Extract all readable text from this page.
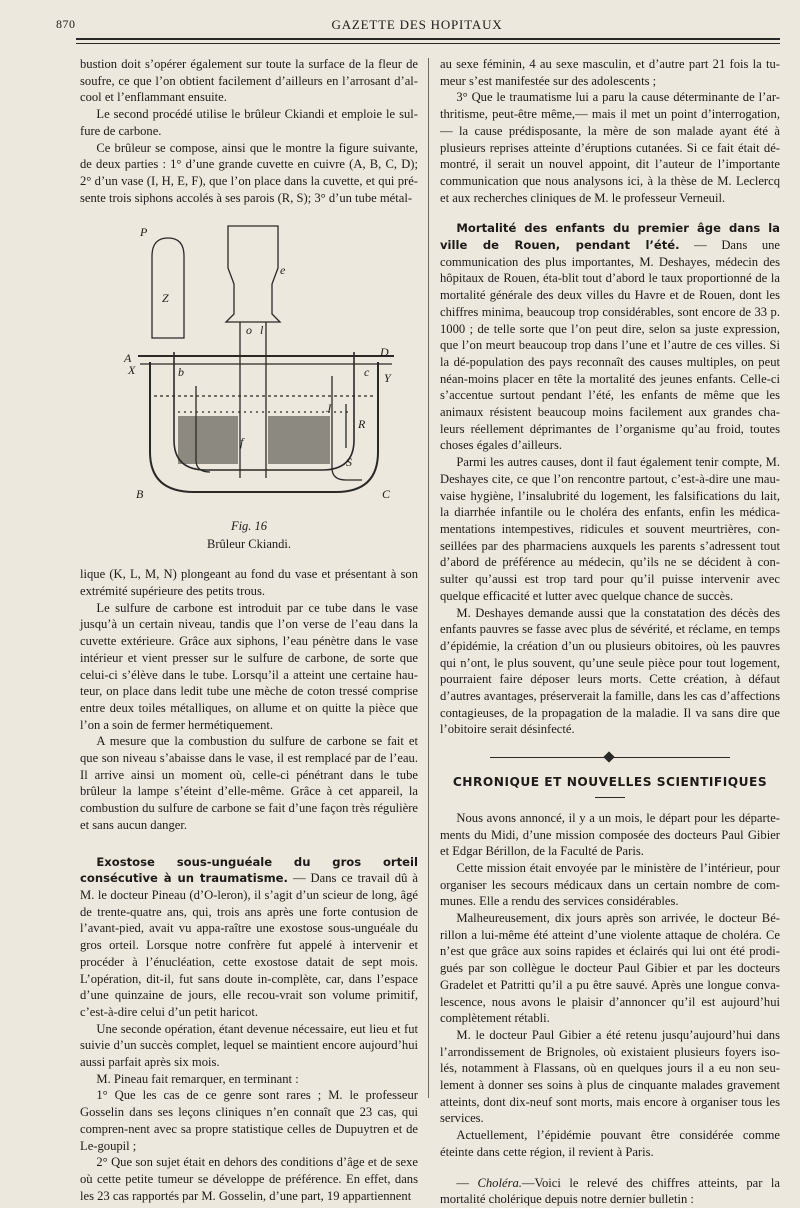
870	GAZETTE DES HOPITAUX

bustion doit s’opérer également sur toute la surface de la fleur de soufre, ce que l’on obtient facilement d’ailleurs en l’arrosant d’al-cool et l’enflammant ensuite.

Le second procédé utilise le brûleur Ckiandi et emploie le sul-fure de carbone.

Ce brûleur se compose, ainsi que le montre la figure suivante, de deux parties : 1° d’une grande cuvette en cuivre (A, B, C, D); 2° d’un vase (I, H, E, F), que l’on place dans la cuvette, et qui pré-sente trois siphons accolés à ses parois (R, S); 3° d’un tube métal-

P
Z
X
A
b	c Y
D
R
S
C
B
e
o l
J
f
Fig. 16
Brûleur Ckiandi.

lique (K, L, M, N) plongeant au fond du vase et présentant à son extrémité supérieure des petits trous.

Le sulfure de carbone est introduit par ce tube dans le vase jusqu’à un certain niveau, tandis que l’on verse de l’eau dans la cuvette extérieure. Grâce aux siphons, l’eau pénètre dans le vase intérieur et vient presser sur le sulfure de carbone, de sorte que celui-ci s’élève dans le tube. Lorsqu’il a atteint une certaine hau-teur, on place dans ledit tube une mèche de coton tressé comprise entre deux toiles métalliques, on allume et on quitte la pièce que l’on a soin de fermer hermétiquement.

A mesure que la combustion du sulfure de carbone se fait et que son niveau s’abaisse dans le vase, il est remplacé par de l’eau. Il arrive ainsi un moment où, celle-ci pénétrant dans le tube brûleur la lampe s’éteint d’elle-même. Grâce à cet appareil, la combustion du sulfure de carbone se fait d’une façon très régulière et sans aucun danger.

Exostose sous-unguéale du gros orteil consécutive à un traumatisme. — Dans ce travail dû à M. le docteur Pineau (d’O-leron), il s’agit d’un scieur de long, âgé de trente-quatre ans, qui, trois ans après une forte contusion de l’avant-pied, avait vu appa-raître une exostose sous-unguéale du gros orteil. Lorsque notre confrère fut appelé à intervenir et procéder à l’énucléation, cette exostose datait de sept mois. L’opération, dit-il, fut sans doute in-complète, car, dans l’espace d’une quinzaine de jours, elle recou-vrait son volume primitif, c’est-à-dire celui d’un petit haricot.

Une seconde opération, étant devenue nécessaire, eut lieu et fut suivie d’un succès complet, lequel se maintient encore aujourd’hui aussi parfait après six mois.

M. Pineau fait remarquer, en terminant :

1° Que les cas de ce genre sont rares ; M. le professeur Gosselin dans ses leçons cliniques n’en connaît que 23 cas, qui compren-nent avec sa propre statistique celles de Dupuytren et de Le-goupil ;

2° Que son sujet était en dehors des conditions d’âge et de sexe où cette petite tumeur se développe de préférence. En effet, dans les 23 cas rapportés par M. Gosselin, d’une part, 19 appartiennent

au sexe féminin, 4 au sexe masculin, et d’autre part 21 fois la tu-meur s’est manifestée sur des adolescents ;

3° Que le traumatisme lui a paru la cause déterminante de l’ar-thritisme, peut-être même,— mais il met un point d’interrogation, — la cause prédisposante, la mère de son malade ayant été à plusieurs reprises atteinte d’éruptions cutanées. Si ce fait était dé-montré, il serait un nouvel appoint, dit l’auteur de l’importante communication que nous analysons ici, à la thèse de M. Leclercq et aux recherches cliniques de M. le professeur Verneuil.

Mortalité des enfants du premier âge dans la ville de Rouen, pendant l’été. — Dans une communication des plus importantes, M. Deshayes, médecin des hôpitaux de Rouen, éta-blit tout d’abord le taux proportionné de la mortalité générale des deux villes du Havre et de Rouen, dont les chiffres minima, beaucoup trop considérables, sont encore de 33 p. 1000 ; de telle sorte que l’on peut dire, selon sa juste expression, que l’on meurt beaucoup trop dans l’une et l’autre de ces villes. Si la dé-population des pays reconnaît des causes multiples, on peut néan-moins placer en tête la mortalité des jeunes enfants. Celle-ci s’accentue surtout pendant l’été, les enfants de même que les animaux résistent beaucoup moins facilement aux grandes cha-leurs réellement déprimantes de l’organisme qu’au froid, toutes choses égales d’ailleurs.

Parmi les autres causes, dont il faut également tenir compte, M. Deshayes cite, ce que l’on rencontre partout, c’est-à-dire une mau-vaise hygiène, l’insalubrité du logement, les falsifications du lait, la diarrhée infantile ou le choléra des enfants, enfin les médica-mentations intempestives, ridicules et souvent meurtrières, con-seillées par des pharmaciens auxquels les parents s’adressent tout d’abord de préférence au médecin, qu’ils ne se décident à con-sulter qu’aussi est trop tard pour qu’il puisse intervenir avec quelque efficacité et lutter avec quelque chance de succès.

M. Deshayes demande aussi que la constatation des décès des enfants pauvres se fasse avec plus de sévérité, et réclame, en temps d’épidémie, la création d’un ou plusieurs obitoires, où les pauvres qui n’ont, le plus souvent, qu’une seule pièce pour tout logement, pourraient faire déposer leurs morts. Cette création, à défaut d’autres avantages, préserverait la famille, dans les cas d’affections contagieuses, de la propagation de la maladie. Il va sans dire que l’obitoire serait désinfecté.

CHRONIQUE ET NOUVELLES SCIENTIFIQUES

Nous avons annoncé, il y a un mois, le départ pour les départe-ments du Midi, d’une mission composée des docteurs Paul Gibier et Edgar Bérillon, de la Faculté de Paris.

Cette mission était envoyée par le ministère de l’intérieur, pour organiser les secours médicaux dans un certain nombre de com-munes. Elle a rendu des services considérables.

Malheureusement, dix jours après son arrivée, le docteur Bé-rillon a lui-même été atteint d’une violente attaque de choléra. Ce n’est que grâce aux soins rapides et éclairés qui lui ont été prodi-gués par son collègue le docteur Paul Gibier et par les docteurs Gradelet et Patritti qu’il a pu être sauvé. Après une longue conva-lescence, nous avons le plaisir d’annoncer qu’il est aujourd’hui complètement rétabli.

M. le docteur Paul Gibier a été retenu jusqu’aujourd’hui dans l’arrondissement de Brignoles, où existaient plusieurs foyers iso-lés, notamment à Flassans, où en quelques jours il a eu non seu-lement à donner ses soins à plus de cinquante malades gravement atteints, dont dix-neuf sont morts, mais encore à organiser tous les services.

Actuellement, l’épidémie pouvant être considérée comme éteinte dans cette région, il revient à Paris.

— Choléra.—Voici le relevé des chiffres atteints, par la mortalité cholérique depuis notre dernier bulletin :
